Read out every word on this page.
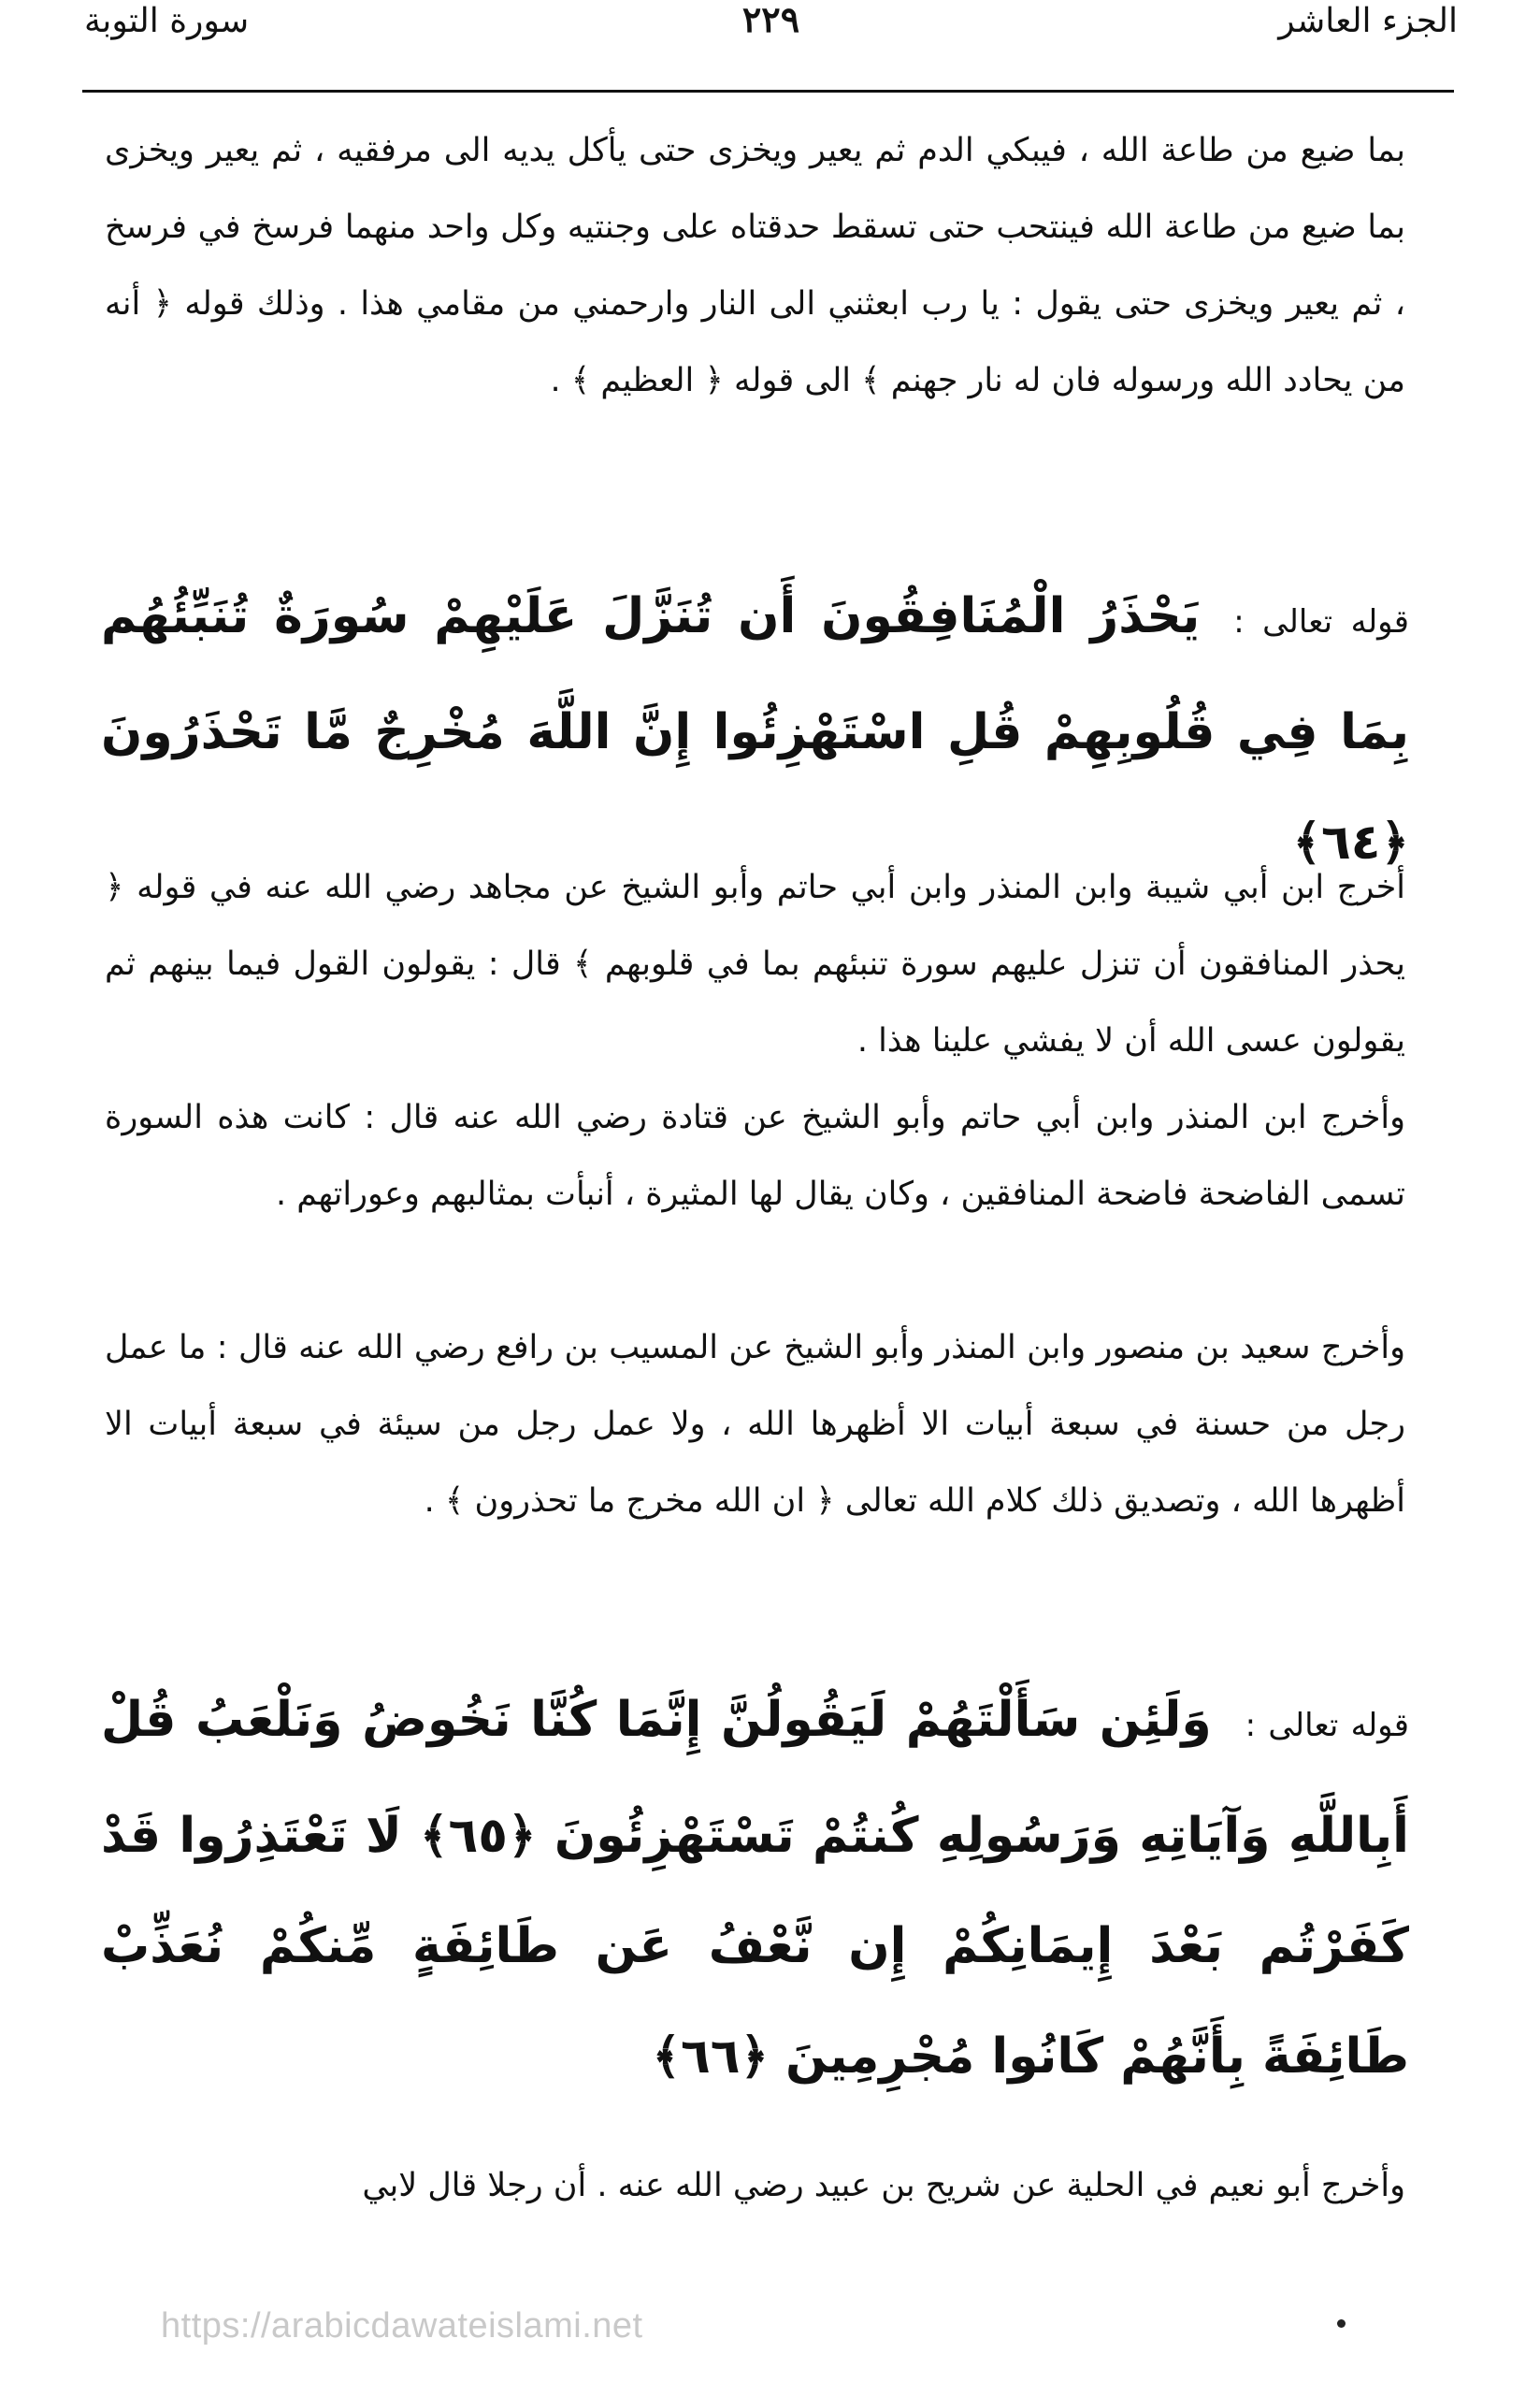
سورة التوبة	٢٢٩	الجزء العاشر

بما ضيع من طاعة الله ، فيبكي الدم ثم يعير ويخزى حتى يأكل يديه الى مرفقيه ، ثم يعير ويخزى بما ضيع من طاعة الله فينتحب حتى تسقط حدقتاه على وجنتيه وكل واحد منهما فرسخ في فرسخ ، ثم يعير ويخزى حتى يقول : يا رب ابعثني الى النار وارحمني من مقامي هذا . وذلك قوله ﴿ أنه من يحادد الله ورسوله فان له نار جهنم ﴾ الى قوله ﴿ العظيم ﴾ .

قوله تعالى :يَحْذَرُ الْمُنَافِقُونَ أَن تُنَزَّلَ عَلَيْهِمْ سُورَةٌ تُنَبِّئُهُم بِمَا فِي قُلُوبِهِمْ قُلِ اسْتَهْزِئُوا إِنَّ اللَّهَ مُخْرِجٌ مَّا تَحْذَرُونَ ﴿٦٤﴾

أخرج ابن أبي شيبة وابن المنذر وابن أبي حاتم وأبو الشيخ عن مجاهد رضي الله عنه في قوله ﴿ يحذر المنافقون أن تنزل عليهم سورة تنبئهم بما في قلوبهم ﴾ قال : يقولون القول فيما بينهم ثم يقولون عسى الله أن لا يفشي علينا هذا .

وأخرج ابن المنذر وابن أبي حاتم وأبو الشيخ عن قتادة رضي الله عنه قال : كانت هذه السورة تسمى الفاضحة فاضحة المنافقين ، وكان يقال لها المثيرة ، أنبأت بمثالبهم وعوراتهم .

وأخرج سعيد بن منصور وابن المنذر وأبو الشيخ عن المسيب بن رافع رضي الله عنه قال : ما عمل رجل من حسنة في سبعة أبيات الا أظهرها الله ، ولا عمل رجل من سيئة في سبعة أبيات الا أظهرها الله ، وتصديق ذلك كلام الله تعالى ﴿ ان الله مخرج ما تحذرون ﴾ .

قوله تعالى :وَلَئِن سَأَلْتَهُمْ لَيَقُولُنَّ إِنَّمَا كُنَّا نَخُوضُ وَنَلْعَبُ قُلْ أَبِاللَّهِ وَآيَاتِهِ وَرَسُولِهِ كُنتُمْ تَسْتَهْزِئُونَ ﴿٦٥﴾ لَا تَعْتَذِرُوا قَدْ كَفَرْتُم بَعْدَ إِيمَانِكُمْ إِن نَّعْفُ عَن طَائِفَةٍ مِّنكُمْ نُعَذِّبْ طَائِفَةً بِأَنَّهُمْ كَانُوا مُجْرِمِينَ ﴿٦٦﴾

وأخرج أبو نعيم في الحلية عن شريح بن عبيد رضي الله عنه . أن رجلا قال لابي

https://arabicdawateislami.net
